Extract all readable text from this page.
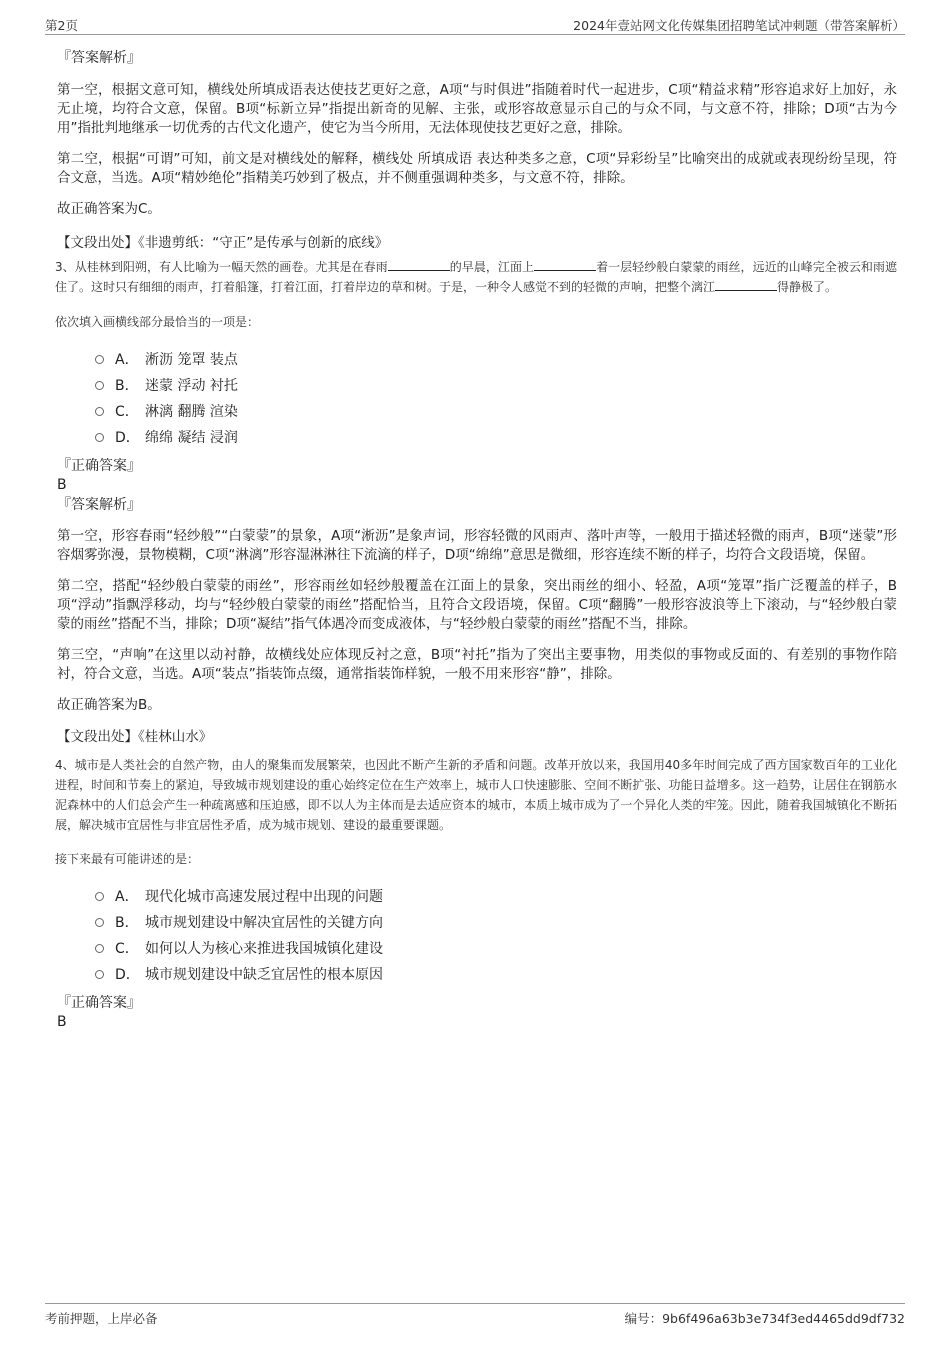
第2页	2024年壹站网文化传媒集团招聘笔试冲刺题（带答案解析）

『答案解析』

第一空，根据文意可知，横线处所填成语表达使技艺更好之意，A项“与时俱进”指随着时代一起进步，C项“精益求精”形容追求好上加好，永无止境，均符合文意，保留。B项“标新立异”指提出新奇的见解、主张，或形容故意显示自己的与众不同，与文意不符，排除；D项“古为今用”指批判地继承一切优秀的古代文化遗产，使它为当今所用，无法体现使技艺更好之意，排除。

第二空，根据“可谓”可知，前文是对横线处的解释，横线处 所填成语 表达种类多之意，C项“异彩纷呈”比喻突出的成就或表现纷纷呈现，符合文意，当选。A项“精妙绝伦”指精美巧妙到了极点，并不侧重强调种类多，与文意不符，排除。

故正确答案为C。

【文段出处】《非遗剪纸：“守正”是传承与创新的底线》

3、从桂林到阳朔，有人比喻为一幅天然的画卷。尤其是在春雨	的早晨，江面上	着一层轻纱般白蒙蒙的雨丝，远近的山峰完全被云和雨遮住了。这时只有细细的雨声，打着船篷，打着江面，打着岸边的草和树。于是，一种令人感觉不到的轻微的声响，把整个漓江	得静极了。

依次填入画横线部分最恰当的一项是：

A． 淅沥 笼罩 装点
B． 迷蒙 浮动 衬托
C． 淋漓 翻腾 渲染
D． 绵绵 凝结 浸润

『正确答案』

B

『答案解析』

第一空，形容春雨“轻纱般”“白蒙蒙”的景象，A项“淅沥”是象声词，形容轻微的风雨声、落叶声等，一般用于描述轻微的雨声，B项“迷蒙”形容烟雾弥漫，景物模糊，C项“淋漓”形容湿淋淋往下流滴的样子，D项“绵绵”意思是微细，形容连续不断的样子，均符合文段语境，保留。

第二空，搭配“轻纱般白蒙蒙的雨丝”，形容雨丝如轻纱般覆盖在江面上的景象，突出雨丝的细小、轻盈，A项“笼罩”指广泛覆盖的样子，B项“浮动”指飘浮移动，均与“轻纱般白蒙蒙的雨丝”搭配恰当，且符合文段语境，保留。C项“翻腾”一般形容波浪等上下滚动，与“轻纱般白蒙蒙的雨丝”搭配不当，排除；D项“凝结”指气体遇冷而变成液体，与“轻纱般白蒙蒙的雨丝”搭配不当，排除。

第三空，“声响”在这里以动衬静，故横线处应体现反衬之意，B项“衬托”指为了突出主要事物，用类似的事物或反面的、有差别的事物作陪衬，符合文意，当选。A项“装点”指装饰点缀，通常指装饰样貌，一般不用来形容“静”，排除。

故正确答案为B。

【文段出处】《桂林山水》

4、城市是人类社会的自然产物，由人的聚集而发展繁荣，也因此不断产生新的矛盾和问题。改革开放以来，我国用40多年时间完成了西方国家数百年的工业化进程，时间和节奏上的紧迫，导致城市规划建设的重心始终定位在生产效率上，城市人口快速膨胀、空间不断扩张、功能日益增多。这一趋势，让居住在钢筋水泥森林中的人们总会产生一种疏离感和压迫感，即不以人为主体而是去适应资本的城市，本质上城市成为了一个异化人类的牢笼。因此，随着我国城镇化不断拓展，解决城市宜居性与非宜居性矛盾，成为城市规划、建设的最重要课题。

接下来最有可能讲述的是：

A． 现代化城市高速发展过程中出现的问题
B． 城市规划建设中解决宜居性的关键方向
C． 如何以人为核心来推进我国城镇化建设
D． 城市规划建设中缺乏宜居性的根本原因

『正确答案』

B

考前押题，上岸必备	编号：9b6f496a63b3e734f3ed4465dd9df732
